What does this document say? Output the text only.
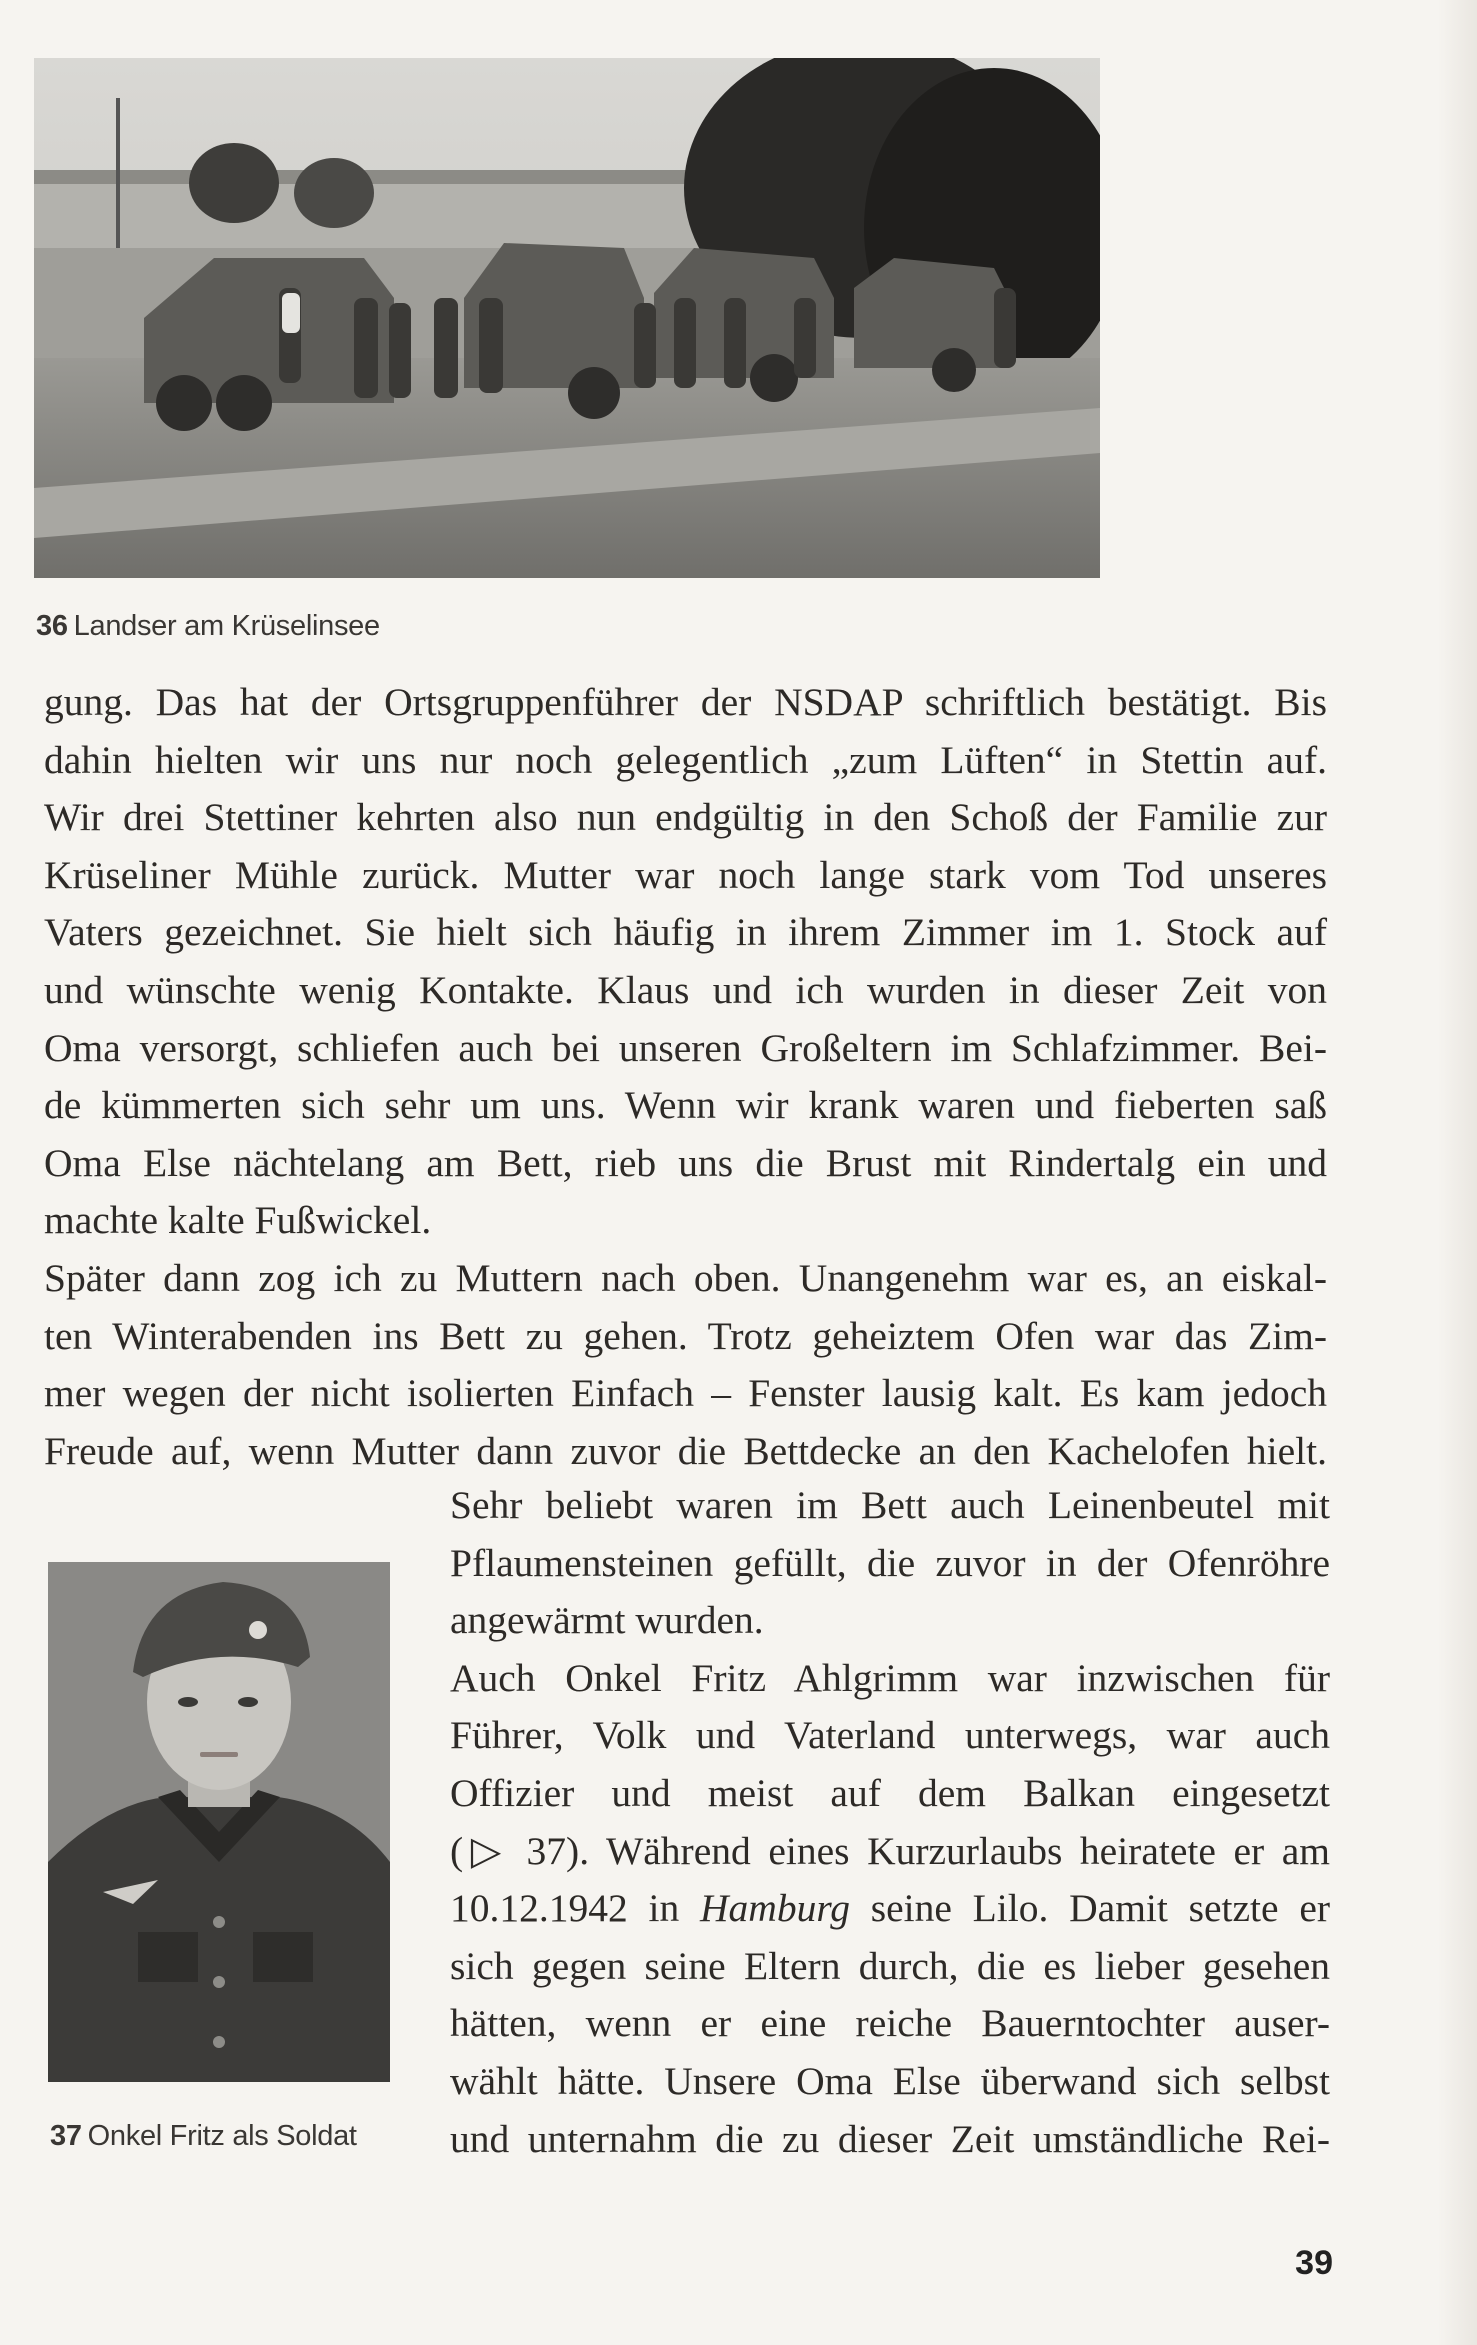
36 Landser am Krüselinsee
gung. Das hat der Ortsgruppenführer der NSDAP schriftlich bestätigt. Bis
dahin hielten wir uns nur noch gelegentlich „zum Lüften“ in Stettin auf.
Wir drei Stettiner kehrten also nun endgültig in den Schoß der Familie zur
Krüseliner Mühle zurück. Mutter war noch lange stark vom Tod unseres
Vaters gezeichnet. Sie hielt sich häufig in ihrem Zimmer im 1. Stock auf
und wünschte wenig Kontakte. Klaus und ich wurden in dieser Zeit von
Oma versorgt, schliefen auch bei unseren Großeltern im Schlafzimmer. Bei-
de kümmerten sich sehr um uns. Wenn wir krank waren und fieberten saß
Oma Else nächtelang am Bett, rieb uns die Brust mit Rindertalg ein und
machte kalte Fußwickel.
Später dann zog ich zu Muttern nach oben. Unangenehm war es, an eiskal-
ten Winterabenden ins Bett zu gehen. Trotz geheiztem Ofen war das Zim-
mer wegen der nicht isolierten Einfach – Fenster lausig kalt. Es kam jedoch
Freude auf, wenn Mutter dann zuvor die Bettdecke an den Kachelofen hielt.
37 Onkel Fritz als Soldat
Sehr beliebt waren im Bett auch Leinenbeutel mit
Pflaumensteinen gefüllt, die zuvor in der Ofenröhre
angewärmt wurden.
Auch Onkel Fritz Ahlgrimm war inzwischen für
Führer, Volk und Vaterland unterwegs, war auch
Offizier und meist auf dem Balkan eingesetzt
(▷ 37). Während eines Kurzurlaubs heiratete er am
10.12.1942 in Hamburg seine Lilo. Damit setzte er
sich gegen seine Eltern durch, die es lieber gesehen
hätten, wenn er eine reiche Bauerntochter auser-
wählt hätte. Unsere Oma Else überwand sich selbst
und unternahm die zu dieser Zeit umständliche Rei-
39
